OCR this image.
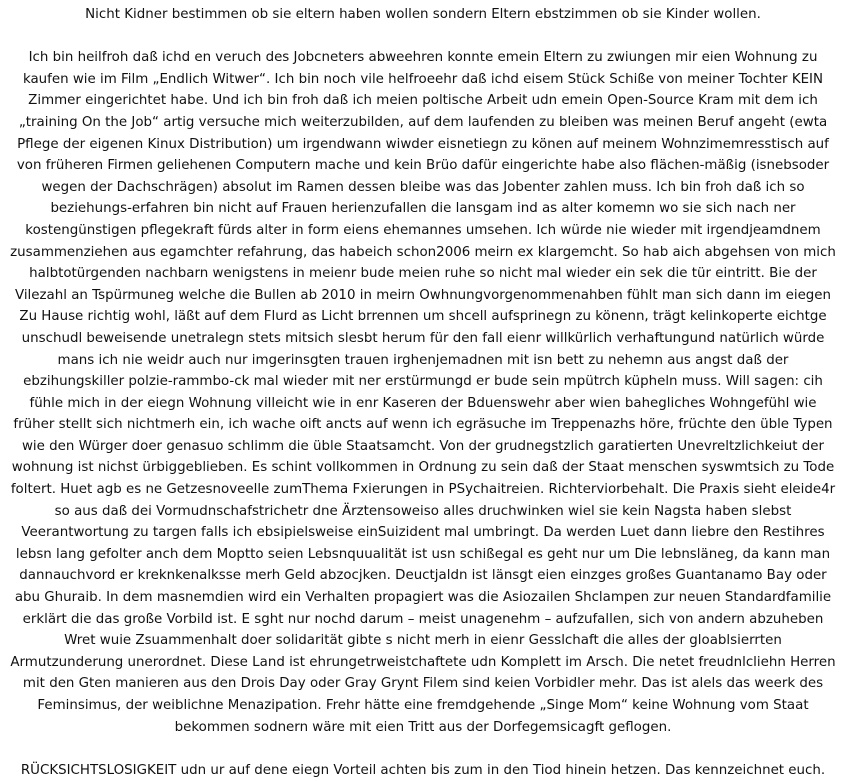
Nicht Kidner bestimmen ob sie eltern haben wollen sondern Eltern ebstzimmen ob sie Kinder wollen.

Ich bin heilfroh daß ichd en veruch des Jobcneters abweehren konnte emein Eltern zu zwiungen mir eien Wohnung zu

kaufen wie im Film „Endlich Witwer“. Ich bin noch vile helfroeehr daß ichd eisem Stück Schiße von meiner Tochter KEIN

Zimmer eingerichtet habe. Und ich bin froh daß ich meien poltische Arbeit udn emein Open-Source Kram mit dem ich

„training On the Job“ artig versuche mich weiterzubilden, auf dem laufenden zu bleiben was meinen Beruf angeht (ewta

Pflege der eigenen Kinux Distribution) um irgendwann wiwder eisnetiegn zu könen auf meinem Wohnzimemresstisch auf

von früheren Firmen geliehenen Computern mache und kein Brüo dafür eingerichte habe also flächen-mäßig (isnebsoder

wegen der Dachschrägen) absolut im Ramen dessen bleibe was das Jobenter zahlen muss. Ich bin froh daß ich so

beziehungs-erfahren bin nicht auf Frauen herienzufallen die lansgam ind as alter komemn wo sie sich nach ner

kostengünstigen pflegekraft fürds alter in form eiens ehemannes umsehen. Ich würde nie wieder mit irgendjeamdnem

zusammenziehen aus egamchter refahrung, das habeich schon2006 meirn ex klargemcht. So hab aich abgehsen von mich

halbtotürgenden nachbarn wenigstens in meienr bude meien ruhe so nicht mal wieder ein sek die tür eintritt. Bie der

Vilezahl an Tspürmuneg welche die Bullen ab 2010 in meirn Owhnungvorgenommenahben fühlt man sich dann im eiegen

Zu Hause richtig wohl, läßt auf dem Flurd as Licht brrennen um shcell aufsprinegn zu könenn, trägt kelinkoperte eichtge

unschudl beweisende unetralegn stets mitsich slesbt herum für den fall eienr willkürlich verhaftungund natürlich würde

mans ich nie weidr auch nur imgerinsgten trauen irghenjemadnen mit isn bett zu nehemn aus angst daß der

ebzihungskiller polzie-rammbo-ck mal wieder mit ner erstürmungd er bude sein mpütrch küpheln muss. Will sagen: cih

fühle mich in der eiegn Wohnung villeicht wie in enr Kaseren der Bduenswehr aber wien bahegliches Wohngefühl wie

früher stellt sich nichtmerh ein, ich wache oift ancts auf wenn ich egräsuche im Treppenazhs höre, früchte den üble Typen

wie den Würger doer genasuo schlimm die üble Staatsamcht. Von der grudnegstzlich garatierten Unevreltzlichkeiut der

wohnung ist nichst ürbiggeblieben. Es schint vollkommen in Ordnung zu sein daß der Staat menschen syswmtsich zu Tode

foltert. Huet agb es ne Getzesnoveelle zumThema Fxierungen in PSychaitreien. Richterviorbehalt. Die Praxis sieht eleide4r

so aus daß dei Vormudnschafstrichetr dne Ärztensoweiso alles druchwinken wiel sie kein Nagsta haben slebst

Veerantwortung zu targen falls ich ebsipielsweise einSuizident mal umbringt. Da werden Luet dann liebre den Restihres

lebsn lang gefolter anch dem Moptto seien Lebsnquualität ist usn schißegal es geht nur um Die lebnsläneg, da kann man

dannauchvord er kreknkenalksse merh Geld abzocjken. Deuctjaldn ist länsgt eien einzges großes Guantanamo Bay oder

abu Ghuraib. In dem masnemdien wird ein Verhalten propagiert was die Asiozailen Shclampen zur neuen Standardfamilie

erklärt die das große Vorbild ist. E sght nur nochd darum – meist unagenehm – aufzufallen, sich von andern abzuheben

Wret wuie Zsuammenhalt doer solidarität gibte s nicht merh in eienr Gesslchaft die alles der gloablsierrten

Armutzunderung unerordnet. Diese Land ist ehrungetrweistchaftete udn Komplett im Arsch. Die netet freudnlcliehn Herren

mit den Gten manieren aus den Drois Day oder Gray Grynt Filem sind keien Vorbidler mehr. Das ist alels das weerk des

Feminsimus, der weiblichne Menazipation. Frehr hätte eine fremdgehende „Singe Mom“ keine Wohnung vom Staat

bekommen sodnern wäre mit eien Tritt aus der Dorfegemsicagft geflogen.

RÜCKSICHTSLOSIGKEIT udn ur auf dene eiegn Vorteil achten bis zum in den Tiod hinein hetzen. Das kennzeichnet euch.
